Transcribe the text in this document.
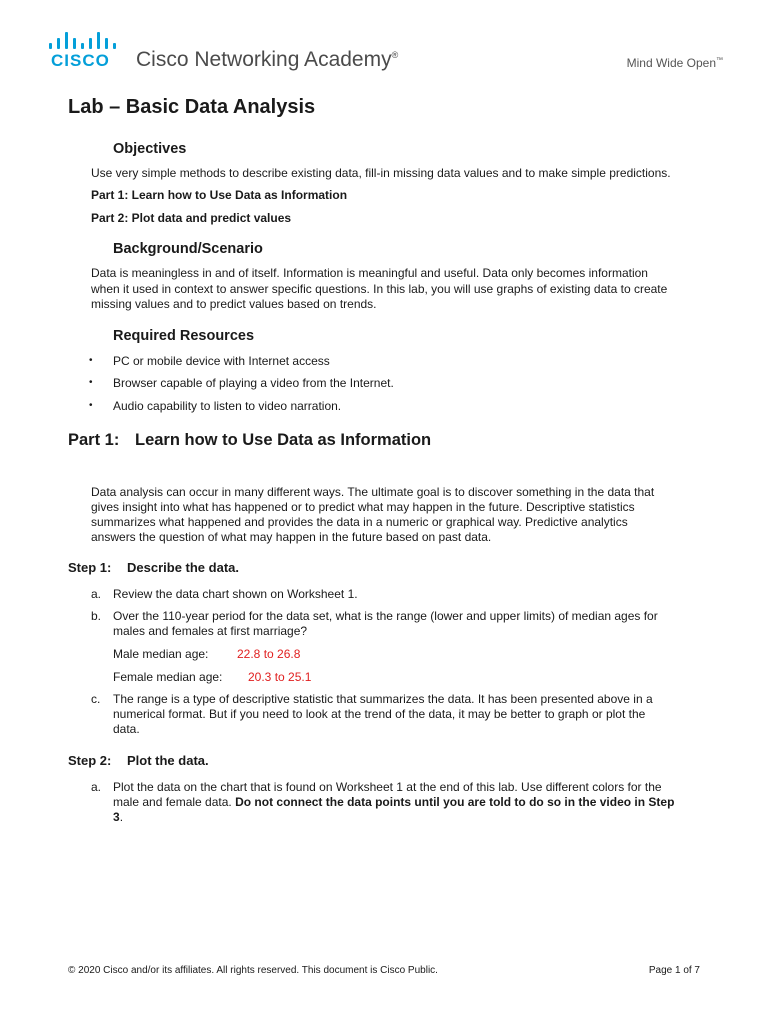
CISCO Cisco Networking Academy®
Mind Wide Open™
Lab – Basic Data Analysis
Objectives
Use very simple methods to describe existing data, fill-in missing data values and to make simple predictions.
Part 1: Learn how to Use Data as Information
Part 2: Plot data and predict values
Background/Scenario
Data is meaningless in and of itself. Information is meaningful and useful. Data only becomes information
when it used in context to answer specific questions. In this lab, you will use graphs of existing data to create
missing values and to predict values based on trends.
Required Resources
• PC or mobile device with Internet access
• Browser capable of playing a video from the Internet.
• Audio capability to listen to video narration.
Part 1: Learn how to Use Data as Information
Data analysis can occur in many different ways. The ultimate goal is to discover something in the data that
gives insight into what has happened or to predict what may happen in the future. Descriptive statistics
summarizes what happened and provides the data in a numeric or graphical way. Predictive analytics
answers the question of what may happen in the future based on past data.
Step 1: Describe the data.
a. Review the data chart shown on Worksheet 1.
b. Over the 110-year period for the data set, what is the range (lower and upper limits) of median ages for
males and females at first marriage?
Male median age: 22.8 to 26.8
Female median age: 20.3 to 25.1
c. The range is a type of descriptive statistic that summarizes the data. It has been presented above in a
numerical format. But if you need to look at the trend of the data, it may be better to graph or plot the
data.
Step 2: Plot the data.
a. Plot the data on the chart that is found on Worksheet 1 at the end of this lab. Use different colors for the
male and female data. Do not connect the data points until you are told to do so in the video in Step
3.
© 2020 Cisco and/or its affiliates. All rights reserved. This document is Cisco Public.	Page 1 of 7
